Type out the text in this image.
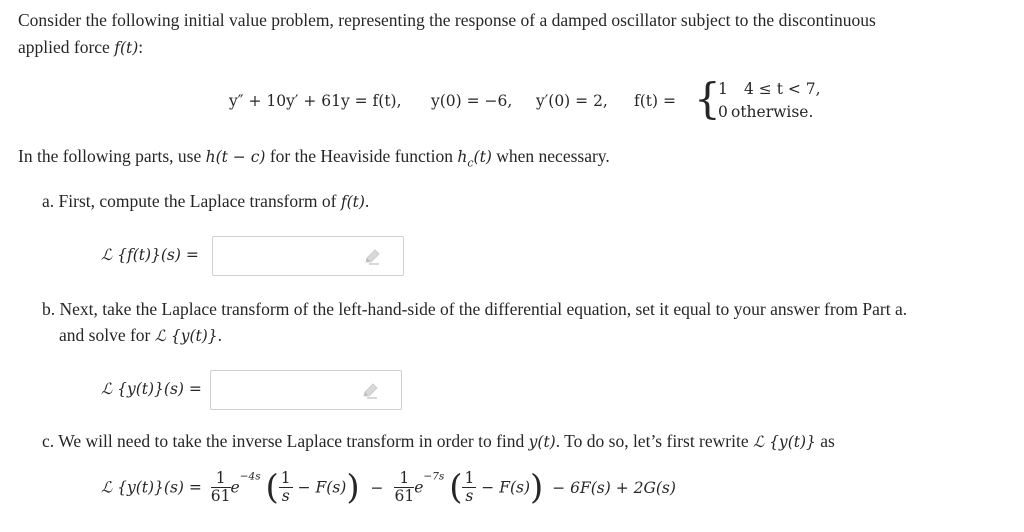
Consider the following initial value problem, representing the response of a damped oscillator subject to the discontinuous
applied force f(t):
y″ + 10y′ + 61y = f(t), y(0) = −6, y′(0) = 2, f(t) = {
1 4 ≤ t < 7,
0 otherwise.
In the following parts, use h(t − c) for the Heaviside function $h_c(t)$ when necessary.
a. First, compute the Laplace transform of f(t).
ℒ {f(t)}(s) =
b. Next, take the Laplace transform of the left-hand-side of the differential equation, set it equal to your answer from Part a.
and solve for ℒ {y(t)}.
ℒ {y(t)}(s) =
c. We will need to take the inverse Laplace transform in order to find y(t). To do so, let’s first rewrite ℒ {y(t)} as
ℒ $\{y(t)\}(s) = \frac{1}{61} e^{-4s}$ ( $\frac{1}{s} - F(s)) - \frac{1}{61} e^{-7s}$ ( $\frac{1}{s} - F(s)) - 6F(s) + 2G(s)$
